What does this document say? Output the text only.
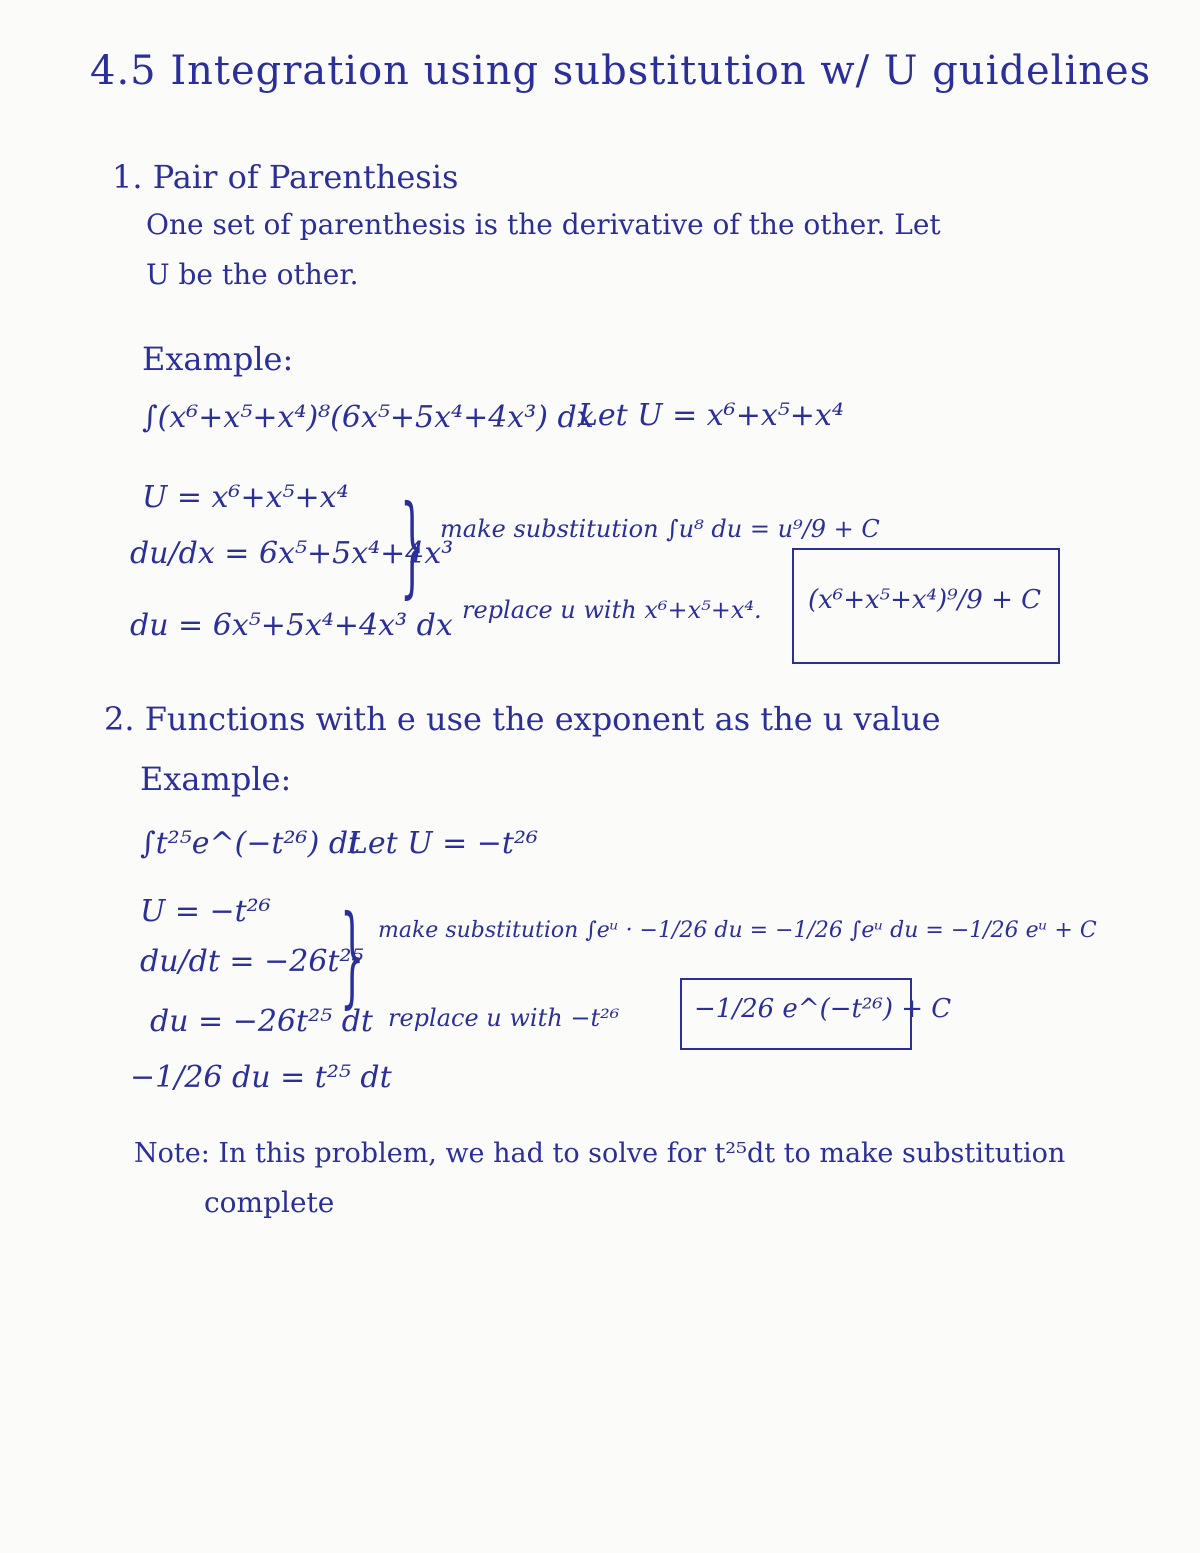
4.5 Integration using substitution w/ U guidelines
1. Pair of Parenthesis
One set of parenthesis is the derivative of the other. Let
U be the other.
Example:
∫(x⁶+x⁵+x⁴)⁸(6x⁵+5x⁴+4x³) dx
Let U = x⁶+x⁵+x⁴
U = x⁶+x⁵+x⁴
du/dx = 6x⁵+5x⁴+4x³
du = 6x⁵+5x⁴+4x³ dx
} make substitution ∫u⁸ du = u⁹/9 + C
replace u with x⁶+x⁵+x⁴. (x⁶+x⁵+x⁴)⁹/9 + C
2. Functions with e use the exponent as the u value
Example:
∫t²⁵e^(−t²⁶) dt
Let U = −t²⁶
U = −t²⁶
du/dt = −26t²⁵
du = −26t²⁵ dt
−1/26 du = t²⁵ dt
} make substitution ∫eᵘ · −1/26 du = −1/26 ∫eᵘ du = −1/26 eᵘ + C
replace u with −t²⁶	−1/26 e^(−t²⁶) + C
Note: In this problem, we had to solve for t²⁵dt to make substitution
complete
